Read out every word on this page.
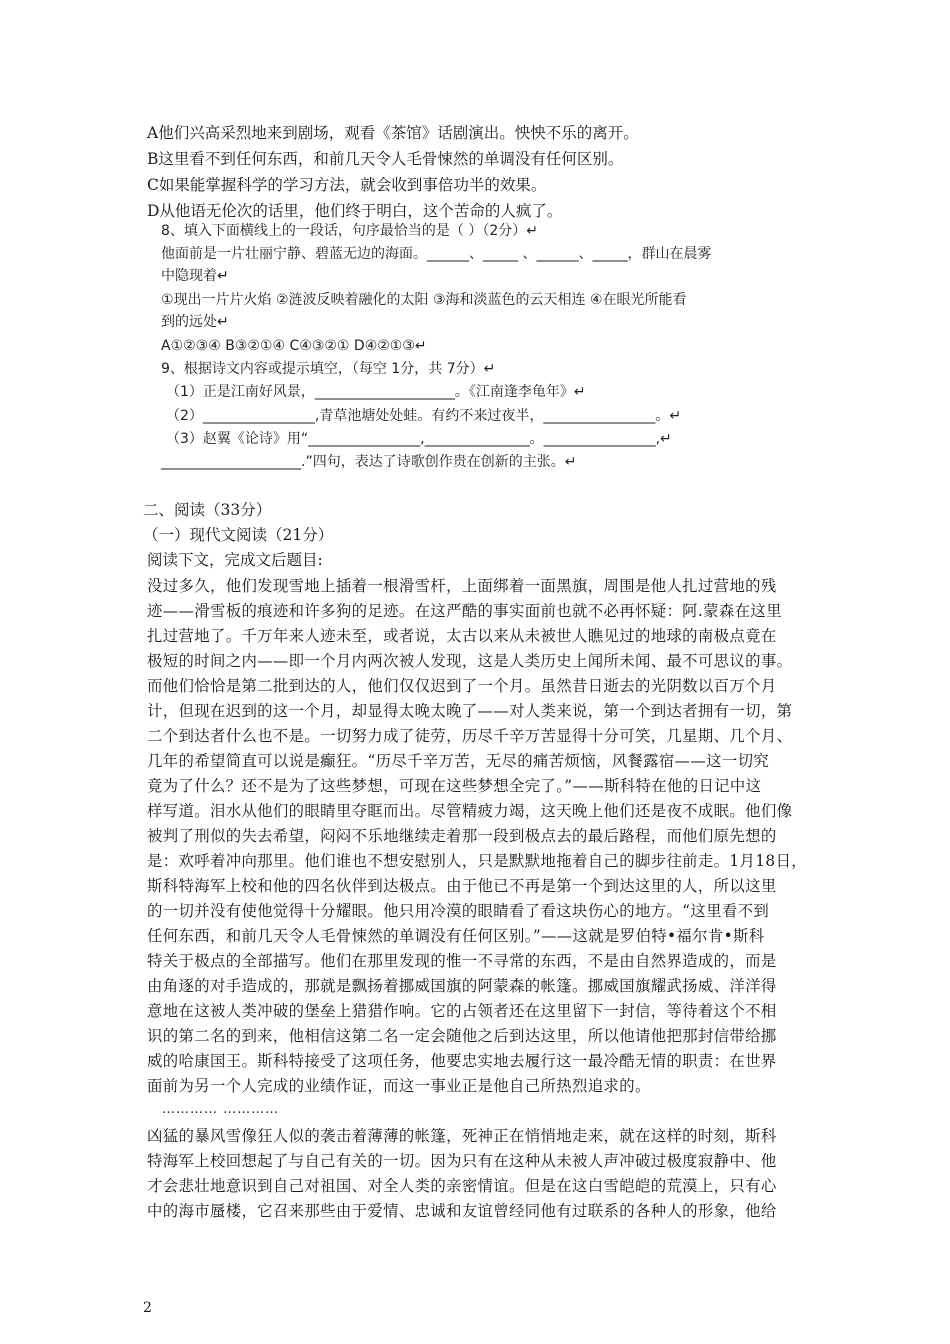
A他们兴高采烈地来到剧场，观看《茶馆》话剧演出。怏怏不乐的离开。
B这里看不到任何东西，和前几天令人毛骨悚然的单调没有任何区别。
C如果能掌握科学的学习方法，就会收到事倍功半的效果。
D从他语无伦次的话里，他们终于明白，这个苦命的人疯了。
8、填入下面横线上的一段话，句序最恰当的是（ ）（2分）↵
他面前是一片壮丽宁静、碧蓝无边的海面。______、_____ 、______、_____，群山在晨雾
中隐现着↵
①现出一片片火焰 ②涟波反映着融化的太阳 ③海和淡蓝色的云天相连 ④在眼光所能看
到的远处↵
A①②③④ B③②①④ C④③②① D④②①③↵
9、根据诗文内容或提示填空，（每空 1分，共 7分）↵
（1）正是江南好风景，____________________。《江南逢李龟年》↵
（2）________________,青草池塘处处蛙。有约不来过夜半，________________。↵
（3）赵翼《论诗》用“________________,_______________。________________,↵
____________________.”四句，表达了诗歌创作贵在创新的主张。↵
二、阅读（33分）
（一）现代文阅读（21分）
阅读下文，完成文后题目:
没过多久，他们发现雪地上插着一根滑雪杆，上面绑着一面黑旗，周围是他人扎过营地的残
迹——滑雪板的痕迹和许多狗的足迹。在这严酷的事实面前也就不必再怀疑：阿.蒙森在这里
扎过营地了。千万年来人迹未至，或者说，太古以来从未被世人瞧见过的地球的南极点竟在
极短的时间之内——即一个月内两次被人发现，这是人类历史上闻所未闻、最不可思议的事。
而他们恰恰是第二批到达的人，他们仅仅迟到了一个月。虽然昔日逝去的光阴数以百万个月
计，但现在迟到的这一个月，却显得太晚太晚了——对人类来说，第一个到达者拥有一切，第
二个到达者什么也不是。一切努力成了徒劳，历尽千辛万苦显得十分可笑，几星期、几个月、
几年的希望简直可以说是癫狂。“历尽千辛万苦，无尽的痛苦烦恼，风餐露宿——这一切究
竟为了什么？还不是为了这些梦想，可现在这些梦想全完了。”——斯科特在他的日记中这
样写道。泪水从他们的眼睛里夺眶而出。尽管精疲力竭，这天晚上他们还是夜不成眠。他们像
被判了刑似的失去希望，闷闷不乐地继续走着那一段到极点去的最后路程，而他们原先想的
是：欢呼着冲向那里。他们谁也不想安慰别人，只是默默地拖着自己的脚步往前走。1月18日，
斯科特海军上校和他的四名伙伴到达极点。由于他已不再是第一个到达这里的人，所以这里
的一切并没有使他觉得十分耀眼。他只用冷漠的眼睛看了看这块伤心的地方。“这里看不到
任何东西，和前几天令人毛骨悚然的单调没有任何区别。”——这就是罗伯特•福尔肯•斯科
特关于极点的全部描写。他们在那里发现的惟一不寻常的东西，不是由自然界造成的，而是
由角逐的对手造成的，那就是飘扬着挪威国旗的阿蒙森的帐篷。挪威国旗耀武扬威、洋洋得
意地在这被人类冲破的堡垒上猎猎作响。它的占领者还在这里留下一封信，等待着这个不相
识的第二名的到来，他相信这第二名一定会随他之后到达这里，所以他请他把那封信带给挪
威的哈康国王。斯科特接受了这项任务，他要忠实地去履行这一最冷酷无情的职责：在世界
面前为另一个人完成的业绩作证，而这一事业正是他自己所热烈追求的。
………… …………
凶猛的暴风雪像狂人似的袭击着薄薄的帐篷，死神正在悄悄地走来，就在这样的时刻，斯科
特海军上校回想起了与自己有关的一切。因为只有在这种从未被人声冲破过极度寂静中、他
才会悲壮地意识到自己对祖国、对全人类的亲密情谊。但是在这白雪皑皑的荒漠上，只有心
中的海市蜃楼，它召来那些由于爱情、忠诚和友谊曾经同他有过联系的各种人的形象，他给
2
